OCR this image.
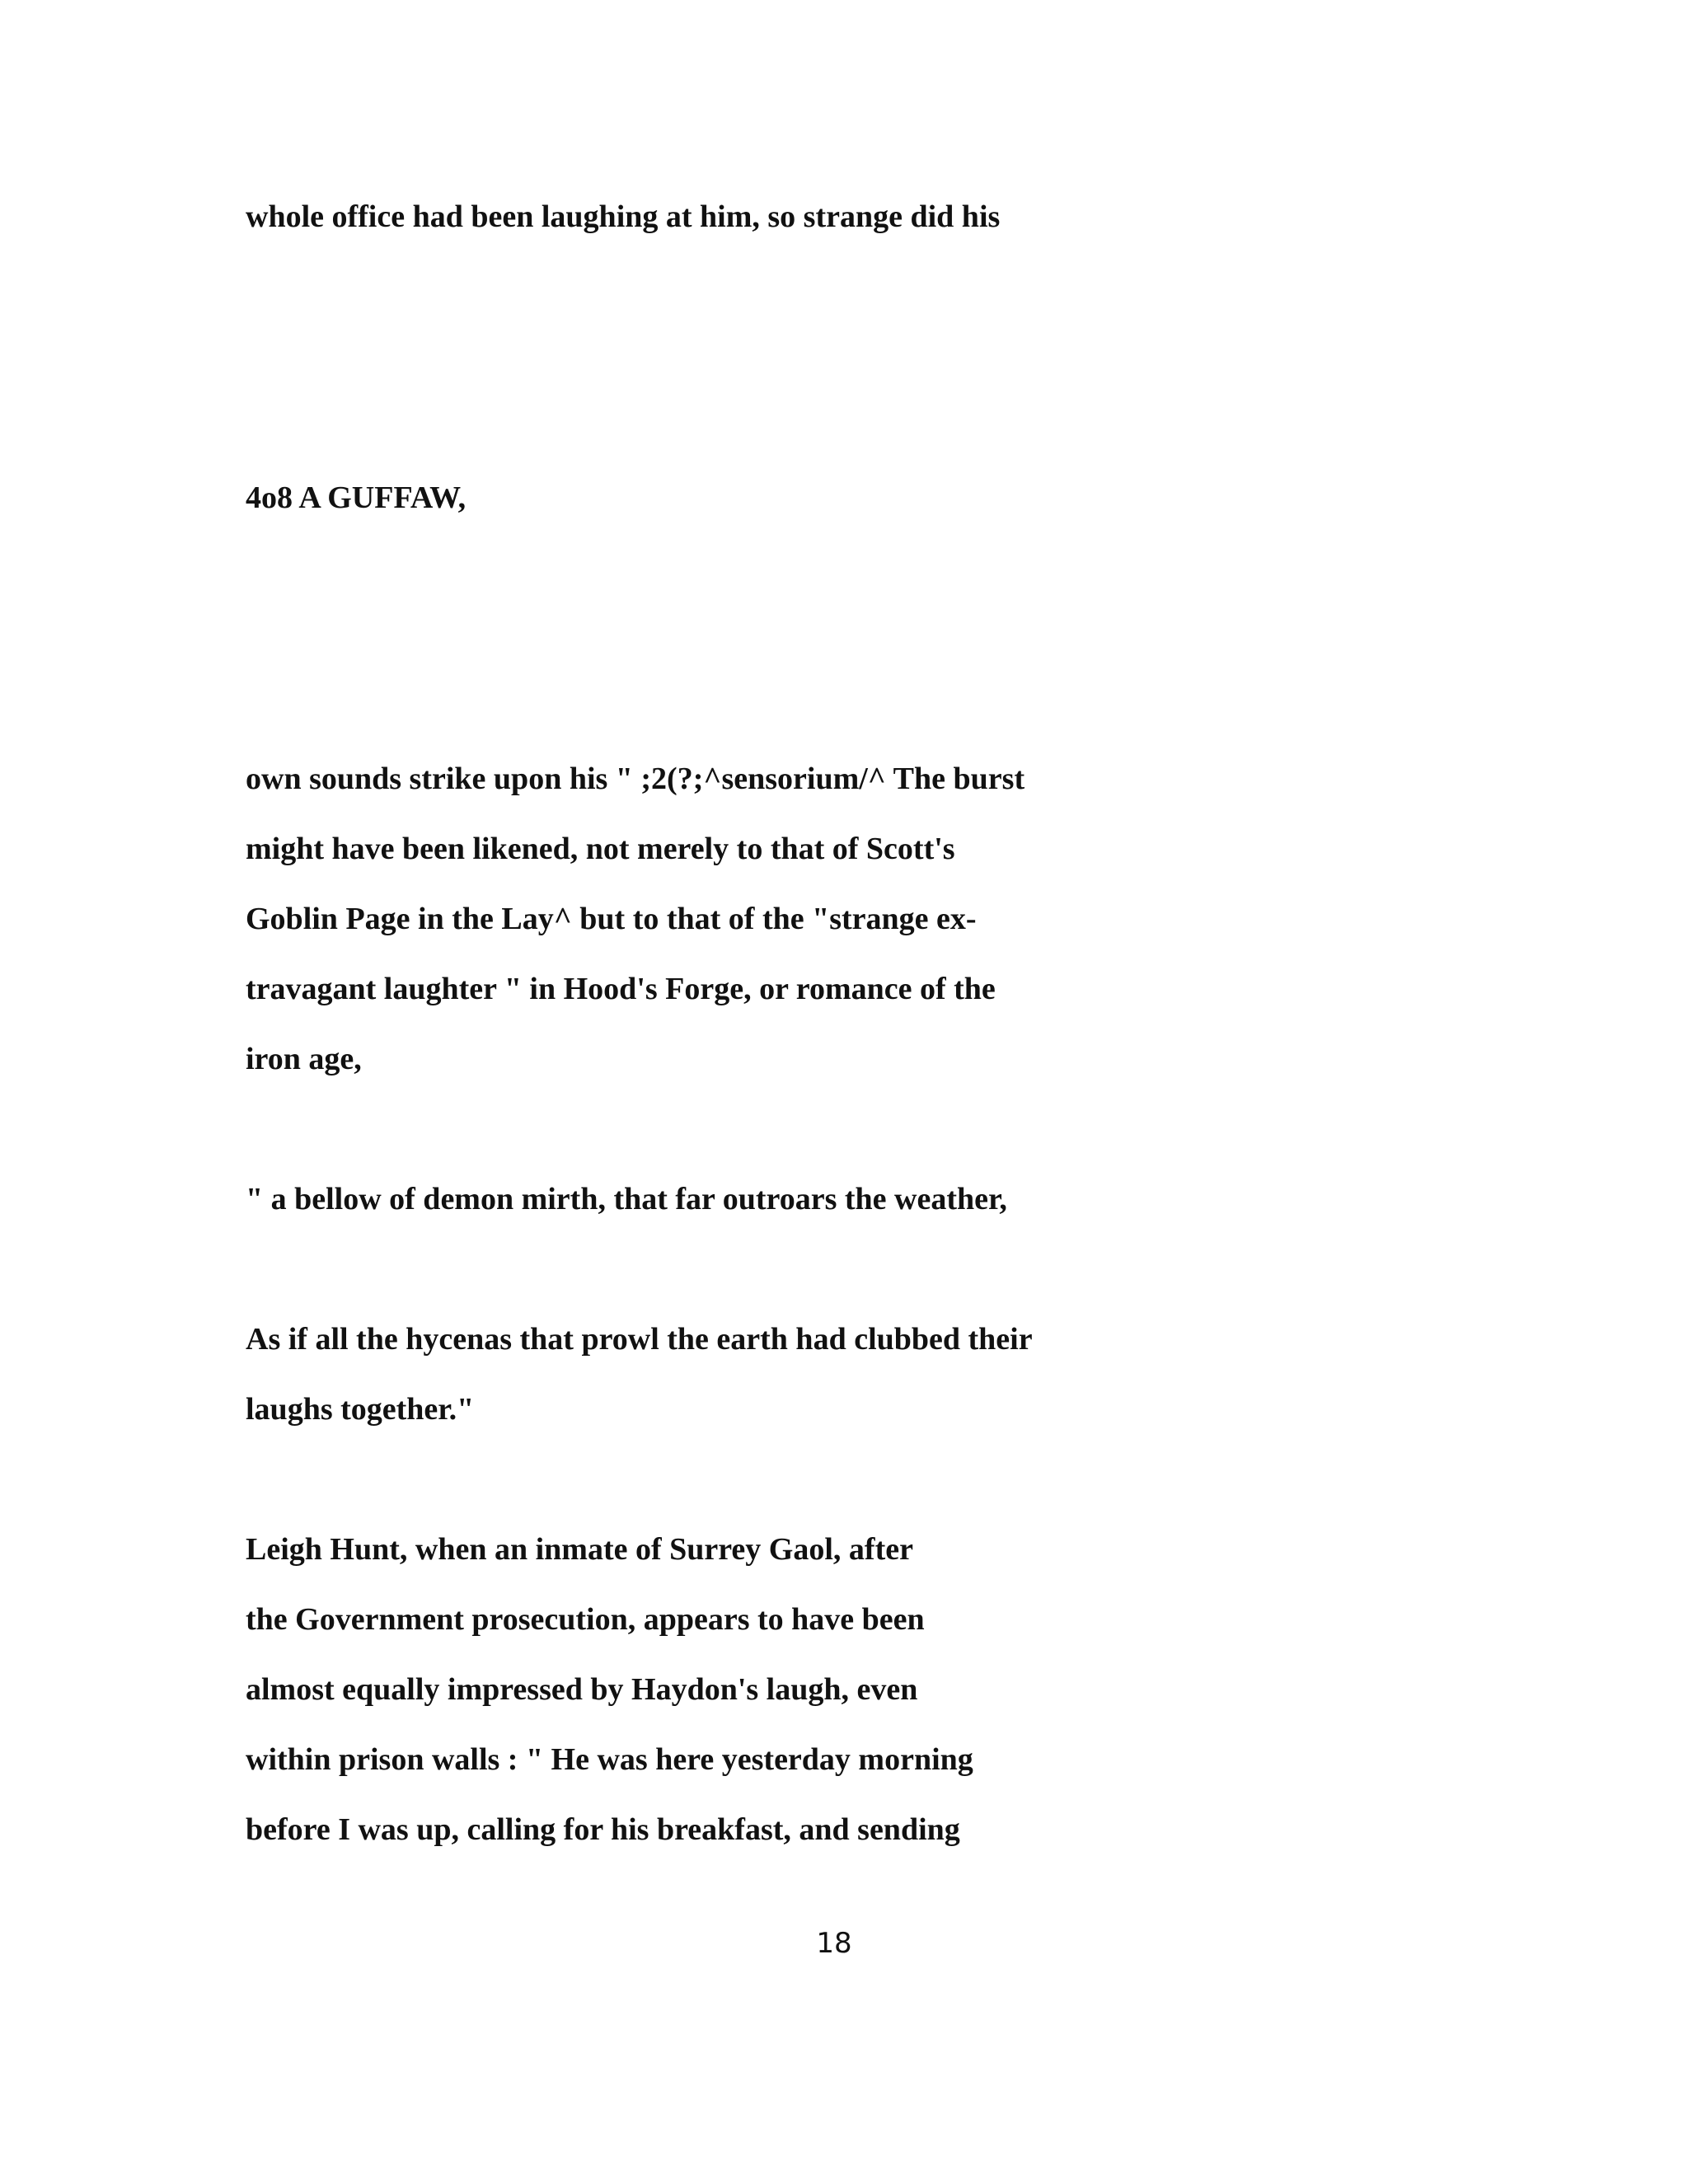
whole office had been laughing at him, so strange did his
4o8 A GUFFAW,
own sounds strike upon his " ;2(?;^sensorium/^ The burst
might have been likened, not merely to that of Scott's
Goblin Page in the Lay^ but to that of the "strange ex-
travagant laughter " in Hood's Forge, or romance of the
iron age,
" a bellow of demon mirth, that far outroars the weather,
As if all the hycenas that prowl the earth had clubbed their
laughs together."
Leigh Hunt, when an inmate of Surrey Gaol, after
the Government prosecution, appears to have been
almost equally impressed by Haydon's laugh, even
within prison walls : " He was here yesterday morning
before I was up, calling for his breakfast, and sending
18
